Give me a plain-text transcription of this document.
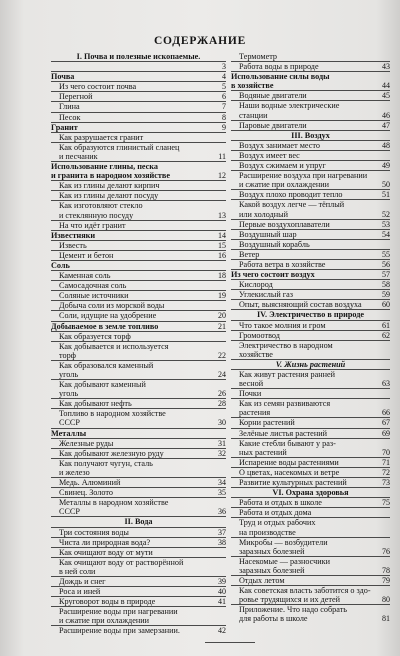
СОДЕРЖАНИЕ
I. Почва и полезные ископаемые.
3
Почва	4
Из чего состоит почва	5
Перегной	6
Глина	7
Песок	8
Гранит	9
Как разрушается гранит
Как образуются глинистый сланец
и песчаник	11
Использование глины, песка
и гранита в народном хозяйстве	12
Как из глины делают кирпич
Как из глины делают посуду
Как изготовляют стекло
и стеклянную посуду	13
На что идёт гранит
Известняки	14
Известь	15
Цемент и бетон	16
Соль
Каменная соль	18
Самосадочная соль
Соляные источники	19
Добыча соли из морской воды
Соли, идущие на удобрение	20
Добываемое в земле топливо	21
Как образуется торф
Как добывается и используется
торф	22
Как образовался каменный
уголь	24
Как добывают каменный
уголь	26
Как добывают нефть	28
Топливо в народном хозяйстве
СССР	30
Металлы
Железные руды	31
Как добывают железную руду	32
Как получают чугун, сталь
и железо
Медь. Алюминий	34
Свинец. Золото	35
Металлы в народном хозяйстве
СССР	36
II. Вода
Три состояния воды	37
Чиста ли природная вода?	38
Как очищают воду от мути
Как очищают воду от растворённой
в ней соли
Дождь и снег	39
Роса и иней	40
Круговорот воды в природе	41
Расширение воды при нагревании
и сжатие при охлаждении
Расширение воды при замерзании.	42
Термометр
Работа воды в природе	43
Использование силы воды
в хозяйстве	44
Водяные двигатели	45
Наши водные электрические
станции	46
Паровые двигатели	47
III. Воздух
Воздух занимает место	48
Воздух имеет вес
Воздух сжимаем и упруг	49
Расширение воздуха при нагревании
и сжатие при охлаждении	50
Воздух плохо проводит тепло	51
Какой воздух легче — тёплый
или холодный	52
Первые воздухоплаватели	53
Воздушный шар	54
Воздушный корабль
Ветер	55
Работа ветра в хозяйстве	56
Из чего состоит воздух	57
Кислород	58
Углекислый газ	59
Опыт, выясняющий состав воздуха	60
IV. Электричество в природе
Что такое молния и гром	61
Громоотвод	62
Электричество в народном
хозяйстве
V. Жизнь растений
Как живут растения ранней
весной	63
Почки
Как из семян развиваются
растения	66
Корни растений	67
Зелёные листья растений	69
Какие стебли бывают у раз-
ных растений	70
Испарение воды растениями	71
О цветах, насекомых и ветре	72
Развитие культурных растений	73
VI. Охрана здоровья
Работа и отдых в школе	75
Работа и отдых дома
Труд и отдых рабочих
на производстве
Микробы — возбудители
заразных болезней	76
Насекомые — разносчики
заразных болезней	78
Отдых летом	79
Как советская власть заботится о здо-
ровье трудящихся и их детей	80
Приложение. Что надо собрать
для работы в школе	81
